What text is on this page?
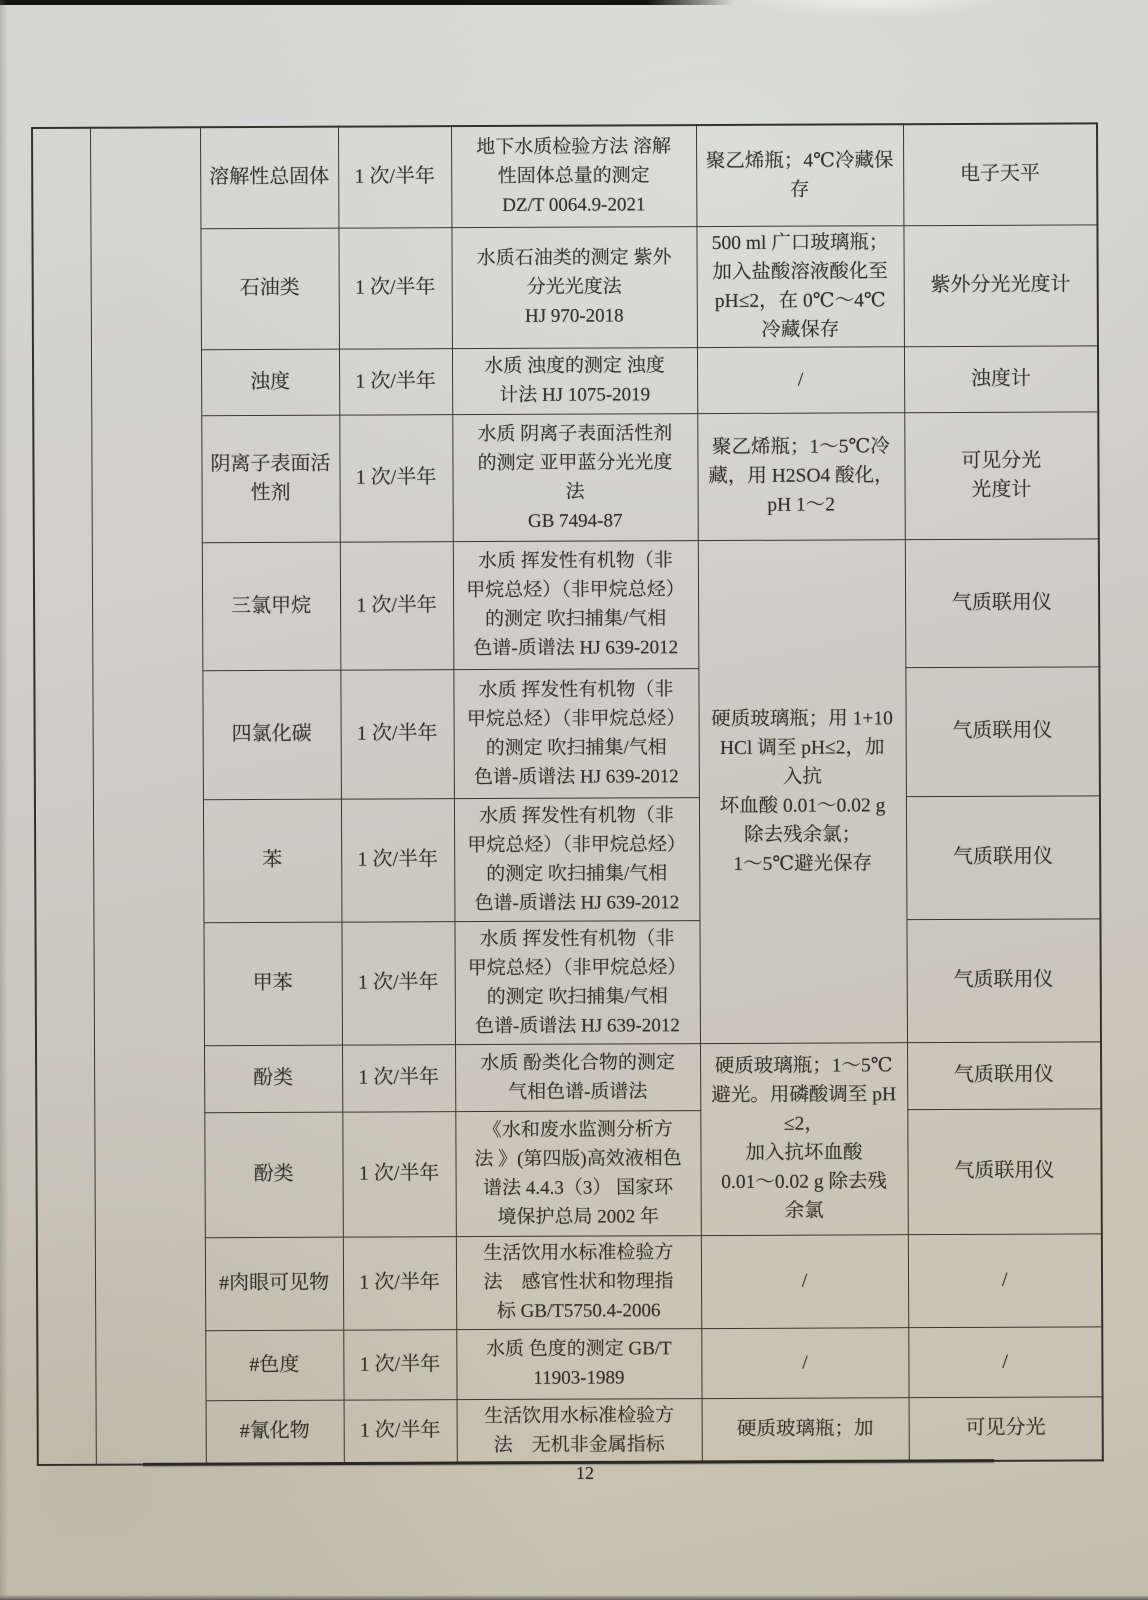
		溶解性总固体	1 次/半年	地下水质检验方法 溶解
性固体总量的测定
DZ/T 0064.9-2021	聚乙烯瓶；4℃冷藏保
存	电子天平
		石油类	1 次/半年	水质石油类的测定 紫外
分光光度法
HJ 970-2018	500 ml 广口玻璃瓶；
加入盐酸溶液酸化至
pH≤2，在 0℃～4℃
冷藏保存	紫外分光光度计
		浊度	1 次/半年	水质 浊度的测定 浊度
计法 HJ 1075-2019	/	浊度计
		阴离子表面活
性剂	1 次/半年	水质 阴离子表面活性剂
的测定 亚甲蓝分光光度
法
GB 7494-87	聚乙烯瓶；1～5℃冷
藏，用 H2SO4 酸化，
pH 1～2	可见分光
光度计
三氯甲烷	1 次/半年	水质 挥发性有机物（非
甲烷总烃）（非甲烷总烃）
的测定 吹扫捕集/气相
色谱-质谱法 HJ 639-2012	硬质玻璃瓶；用 1+10
HCl 调至 pH≤2，加
入抗
坏血酸 0.01～0.02 g
除去残余氯；
1～5℃避光保存	气质联用仪
		四氯化碳	1 次/半年	水质 挥发性有机物（非
甲烷总烃）（非甲烷总烃）
的测定 吹扫捕集/气相
色谱-质谱法 HJ 639-2012		气质联用仪
		苯	1 次/半年	水质 挥发性有机物（非
甲烷总烃）（非甲烷总烃）
的测定 吹扫捕集/气相
色谱-质谱法 HJ 639-2012		气质联用仪
		甲苯	1 次/半年	水质 挥发性有机物（非
甲烷总烃）（非甲烷总烃）
的测定 吹扫捕集/气相
色谱-质谱法 HJ 639-2012		气质联用仪
酚类	1 次/半年	水质 酚类化合物的测定
气相色谱-质谱法	硬质玻璃瓶；1～5℃
避光。用磷酸调至 pH
≤2，
加入抗坏血酸
0.01～0.02 g 除去残
余氯	气质联用仪
		酚类	1 次/半年	《水和废水监测分析方
法 》(第四版)高效液相色
谱法 4.4.3（3） 国家环
境保护总局 2002 年		气质联用仪
		#肉眼可见物	1 次/半年	生活饮用水标准检验方
法　感官性状和物理指
标 GB/T5750.4-2006	/	/
		#色度	1 次/半年	水质 色度的测定 GB/T
11903-1989	/	/
		#氰化物	1 次/半年	生活饮用水标准检验方
法　无机非金属指标	硬质玻璃瓶；加	可见分光
12
